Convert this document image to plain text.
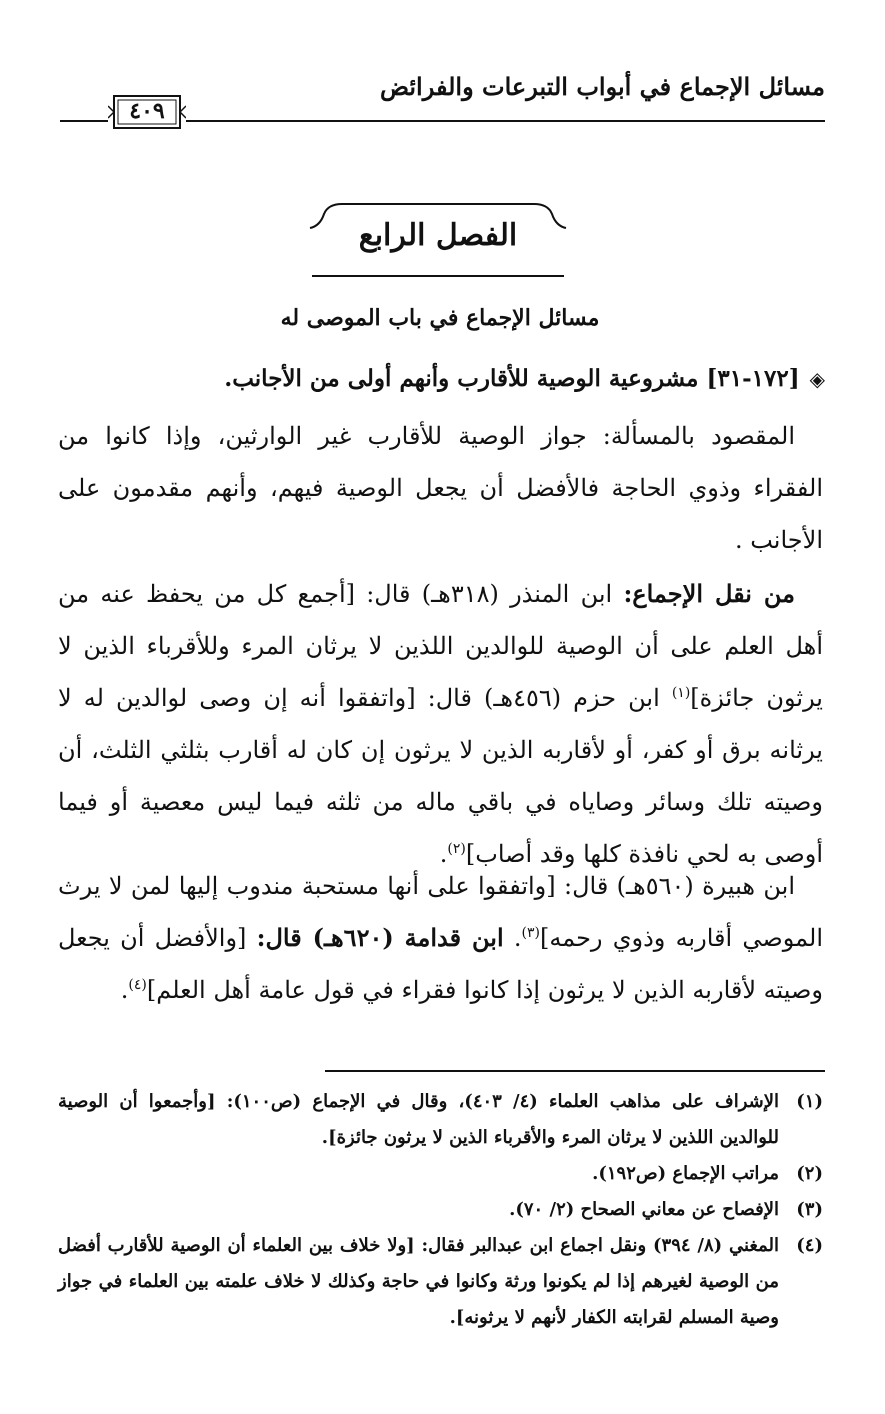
مسائل الإجماع في أبواب التبرعات والفرائض
٤٠٩
الفصل الرابع
مسائل الإجماع في باب الموصى له
◈[١٧٢-٣١] مشروعية الوصية للأقارب وأنهم أولى من الأجانب.
المقصود بالمسألة: جواز الوصية للأقارب غير الوارثين، وإذا كانوا من الفقراء وذوي الحاجة فالأفضل أن يجعل الوصية فيهم، وأنهم مقدمون على الأجانب .
من نقل الإجماع: ابن المنذر (٣١٨هـ) قال: [أجمع كل من يحفظ عنه من أهل العلم على أن الوصية للوالدين اللذين لا يرثان المرء وللأقرباء الذين لا يرثون جائزة]$^{(١)}$ ابن حزم (٤٥٦هـ) قال: [واتفقوا أنه إن وصى لوالدين له لا يرثانه برق أو كفر، أو لأقاربه الذين لا يرثون إن كان له أقارب بثلثي الثلث، أن وصيته تلك وسائر وصاياه في باقي ماله من ثلثه فيما ليس معصية أو فيما أوصى به لحي نافذة كلها وقد أصاب]$^{(٢)}$.
ابن هبيرة (٥٦٠هـ) قال: [واتفقوا على أنها مستحبة مندوب إليها لمن لا يرث الموصي أقاربه وذوي رحمه]$^{(٣)}$. ابن قدامة (٦٢٠هـ) قال: [والأفضل أن يجعل وصيته لأقاربه الذين لا يرثون إذا كانوا فقراء في قول عامة أهل العلم]$^{(٤)}$.
(١)
الإشراف على مذاهب العلماء (٤/ ٤٠٣)، وقال في الإجماع (ص١٠٠): [وأجمعوا أن الوصية للوالدين اللذين لا يرثان المرء والأقرباء الذين لا يرثون جائزة].
(٢)
مراتب الإجماع (ص١٩٢).
(٣)
الإفصاح عن معاني الصحاح (٢/ ٧٠).
(٤)
المغني (٨/ ٣٩٤) ونقل اجماع ابن عبدالبر فقال: [ولا خلاف بين العلماء أن الوصية للأقارب أفضل من الوصية لغيرهم إذا لم يكونوا ورثة وكانوا في حاجة وكذلك لا خلاف علمته بين العلماء في جواز وصية المسلم لقرابته الكفار لأنهم لا يرثونه].
